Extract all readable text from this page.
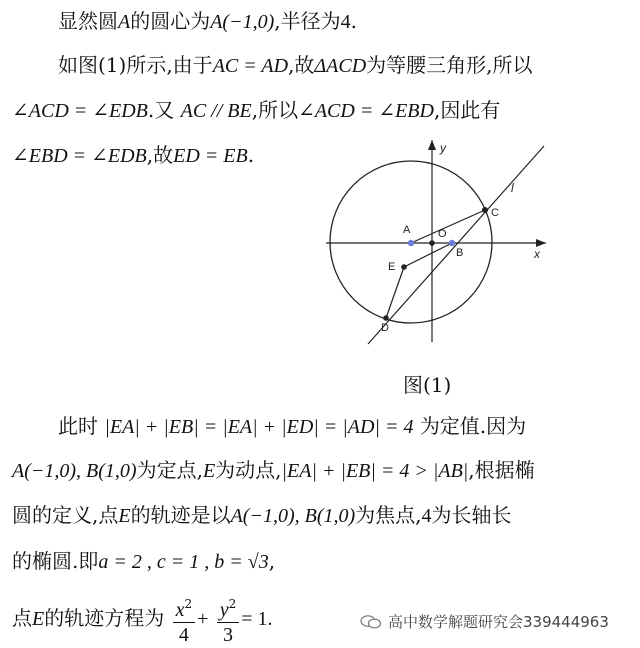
显然圆A的圆心为A(−1,0),半径为4.
如图(1)所示,由于AC = AD,故ΔACD为等腰三角形,所以
∠ACD = ∠EDB.又 AC // BE,所以∠ACD = ∠EBD,因此有
∠EBD = ∠EDB,故ED = EB.	y
x
l
A	O
B
C
E
D
图(1)
此时 |EA| + |EB| = |EA| + |ED| = |AD| = 4 为定值.因为
A(−1,0), B(1,0)为定点,E为动点,|EA| + |EB| = 4 > |AB|,根据椭
圆的定义,点E的轨迹是以A(−1,0), B(1,0)为焦点,4为长轴长
的椭圆.即a = 2 , c = 1 , b = √3,
点E的轨迹方程为 $\frac{x^2}{4} + \frac{y^2}{3} = 1$.	高中数学解题研究会339444963
